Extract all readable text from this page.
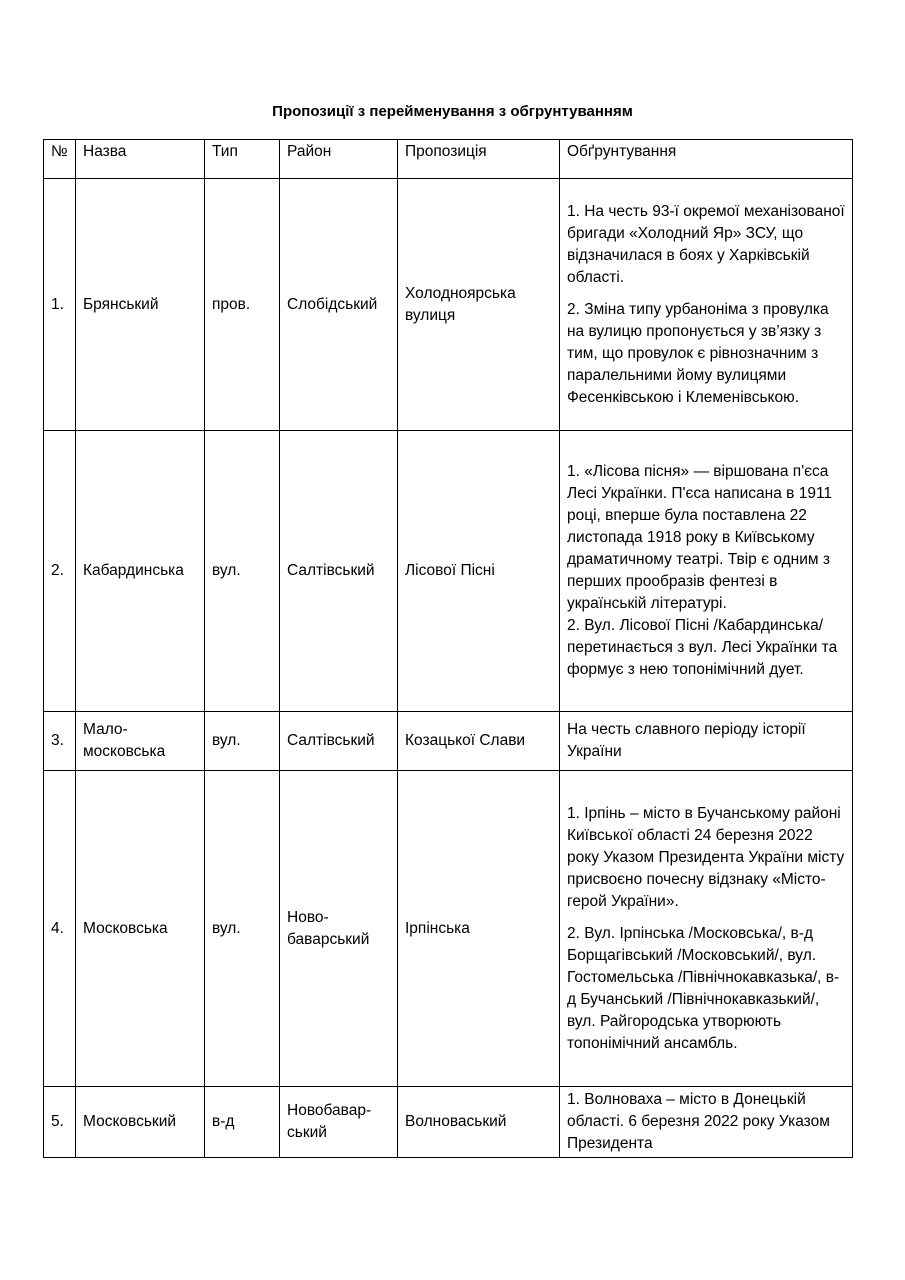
Пропозиції з перейменування з обгрунтуванням
№	Назва	Тип	Район	Пропозиція	Обґрунтування
1.	Брянський	пров.	Слобідський	Холодноярська вулиця	1. На честь 93-ї окремої механізованої бригади «Холодний Яр» ЗСУ, що відзначилася в боях у Харківській області.

2. Зміна типу урбаноніма з провулка на вулицю пропонується у зв’язку з тим, що провулок є рівнозначним з паралельними йому вулицями Фесенківською і Клеменівською.

2.	Кабардинська	вул.	Салтівський	Лісової Пісні	1. «Лісова пісня» — віршована п'єса Лесі Українки. П'єса написана в 1911 році, вперше була поставлена 22 листопада 1918 року в Київському драматичному театрі. Твір є одним з перших прообразів фентезі в українській літературі.

2. Вул. Лісової Пісні /Кабардинська/ перетинається з вул. Лесі Українки та формує з нею топонімічний дует.

3.	Мало-московська	вул.	Салтівський	Козацької Слави	На честь славного періоду історії України

4.	Московська	вул.	Ново-баварський	Ірпінська	1. Ірпінь – місто в Бучанському районі Київської області 24 березня 2022 року Указом Президента України місту присвоєно почесну відзнаку «Місто-герой України».

2. Вул. Ірпінська /Московська/, в-д Борщагівський /Московський/, вул. Гостомельська /Північнокавказька/, в-д Бучанський /Північнокавказький/, вул. Райгородська утворюють топонімічний ансамбль.

5.	Московський	в-д	Новобавар-ський	Волноваський	1. Волноваха – місто в Донецькій області. 6 березня 2022 року Указом Президента
